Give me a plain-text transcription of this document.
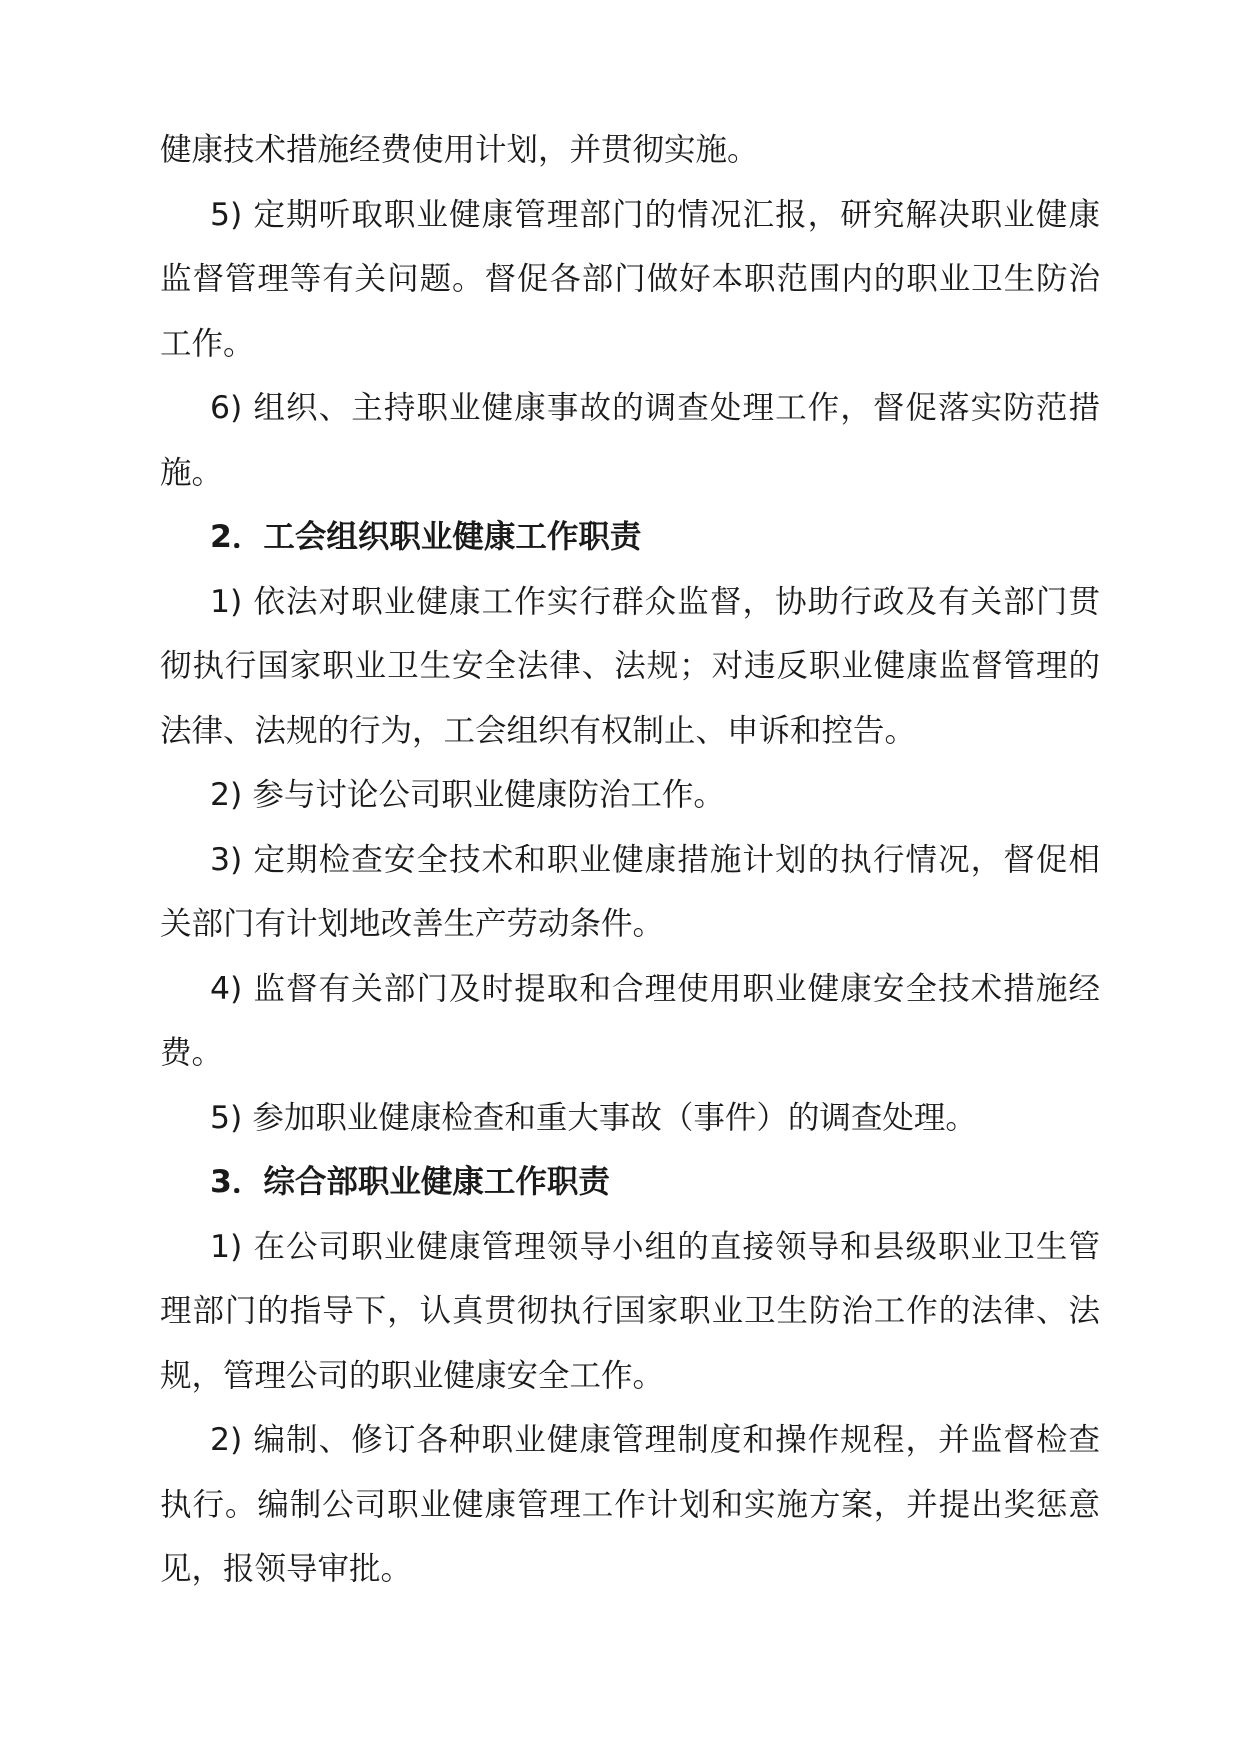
健康技术措施经费使用计划，并贯彻实施。

5) 定期听取职业健康管理部门的情况汇报，研究解决职业健康监督管理等有关问题。督促各部门做好本职范围内的职业卫生防治工作。

6) 组织、主持职业健康事故的调查处理工作，督促落实防范措施。

2．工会组织职业健康工作职责

1) 依法对职业健康工作实行群众监督，协助行政及有关部门贯彻执行国家职业卫生安全法律、法规；对违反职业健康监督管理的法律、法规的行为，工会组织有权制止、申诉和控告。

2) 参与讨论公司职业健康防治工作。

3) 定期检查安全技术和职业健康措施计划的执行情况，督促相关部门有计划地改善生产劳动条件。

4) 监督有关部门及时提取和合理使用职业健康安全技术措施经费。

5) 参加职业健康检查和重大事故（事件）的调查处理。

3．综合部职业健康工作职责

1) 在公司职业健康管理领导小组的直接领导和县级职业卫生管理部门的指导下，认真贯彻执行国家职业卫生防治工作的法律、法规，管理公司的职业健康安全工作。

2) 编制、修订各种职业健康管理制度和操作规程，并监督检查执行。编制公司职业健康管理工作计划和实施方案，并提出奖惩意见，报领导审批。
